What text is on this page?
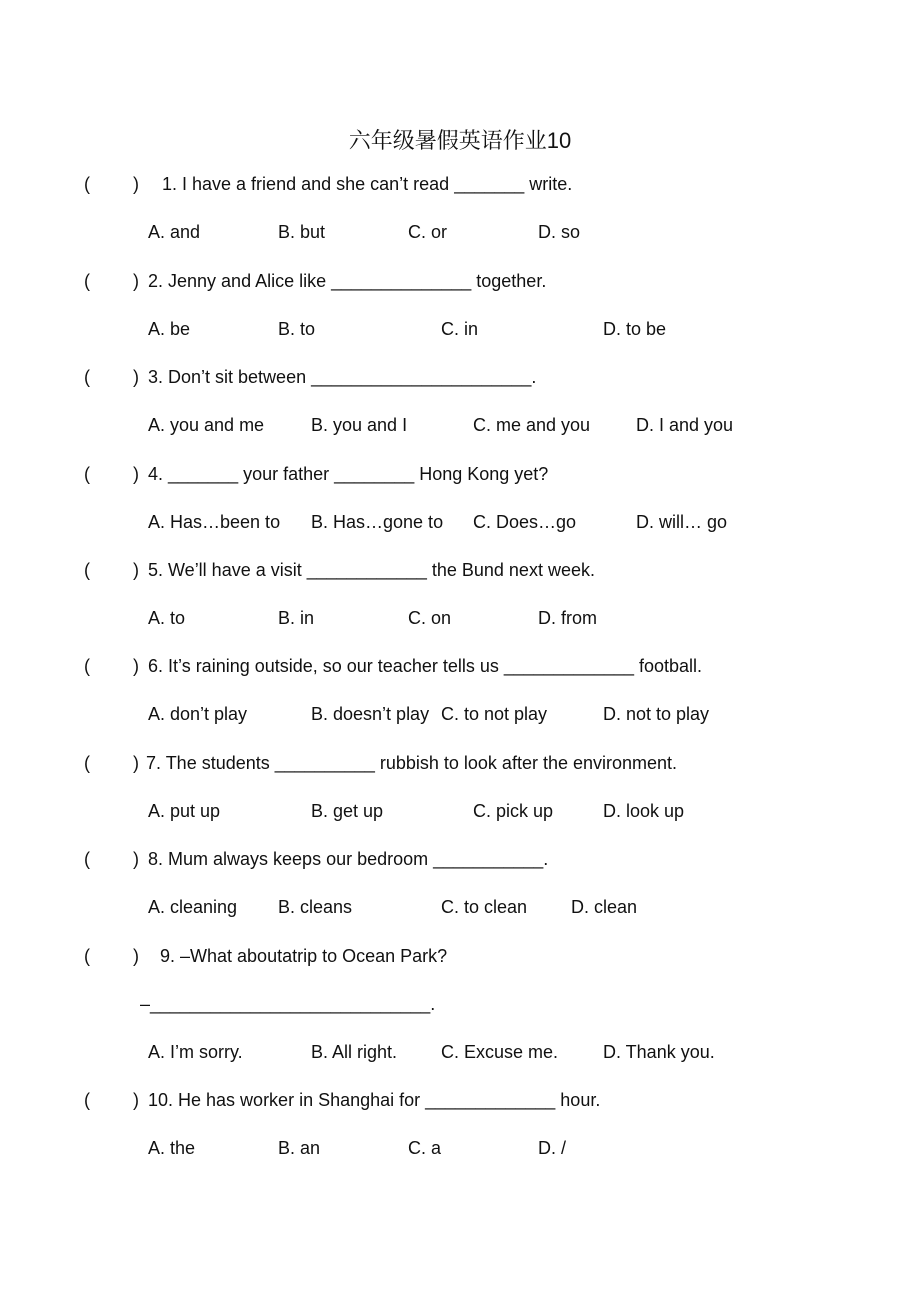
六年级暑假英语作业10
( ) 1. I have a friend and she can’t read _______ write.
A. and	B. but	C. or	D. so
( ) 2. Jenny and Alice like ______________ together.
A. be	B. to	C. in	D. to be
( ) 3. Don’t sit between ______________________.
A. you and me	B. you and I	C. me and you	D. I and you
( ) 4. _______ your father ________ Hong Kong yet?
A. Has…been to B. Has…gone to C. Does…go	D. will… go
( ) 5. We’ll have a visit ____________ the Bund next week.
A. to	B. in	C. on	D. from
( ) 6. It’s raining outside, so our teacher tells us _____________ football.
A. don’t play	B. doesn’t play C. to not play	D. not to play
( ) 7. The students __________ rubbish to look after the environment.
A. put up	B. get up	C. pick up	D. look up
( ) 8. Mum always keeps our bedroom ___________.
A. cleaning B. cleans	C. to clean D. clean
( ) 9. –What aboutatrip to Ocean Park?
–____________________________.
A. I’m sorry.	B. All right. C. Excuse me. D. Thank you.
( ) 10. He has worker in Shanghai for _____________ hour.
A. the	B. an	C. a	D. /
